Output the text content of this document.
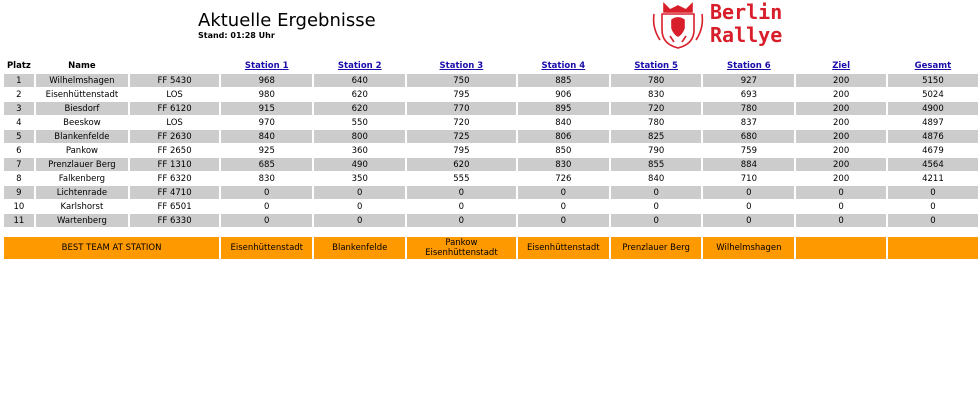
Aktuelle Ergebnisse
Stand: 01:28 Uhr
Berlin
Rallye
Platz	Name		Station 1	Station 2	Station 3	Station 4	Station 5	Station 6	Ziel	Gesamt
1	Wilhelmshagen	FF 5430	968	640	750	885	780	927	200	5150
2	Eisenhüttenstadt	LOS	980	620	795	906	830	693	200	5024
3	Biesdorf	FF 6120	915	620	770	895	720	780	200	4900
4	Beeskow	LOS	970	550	720	840	780	837	200	4897
5	Blankenfelde	FF 2630	840	800	725	806	825	680	200	4876
6	Pankow	FF 2650	925	360	795	850	790	759	200	4679
7	Prenzlauer Berg	FF 1310	685	490	620	830	855	884	200	4564
8	Falkenberg	FF 6320	830	350	555	726	840	710	200	4211
9	Lichtenrade	FF 4710	0	0	0	0	0	0	0	0
10	Karlshorst	FF 6501	0	0	0	0	0	0	0	0
11	Wartenberg	FF 6330	0	0	0	0	0	0	0	0

BEST TEAM AT STATION			Eisenhüttenstadt	Blankenfelde	Pankow Eisenhüttenstadt	Eisenhüttenstadt	Prenzlauer Berg	Wilhelmshagen		
